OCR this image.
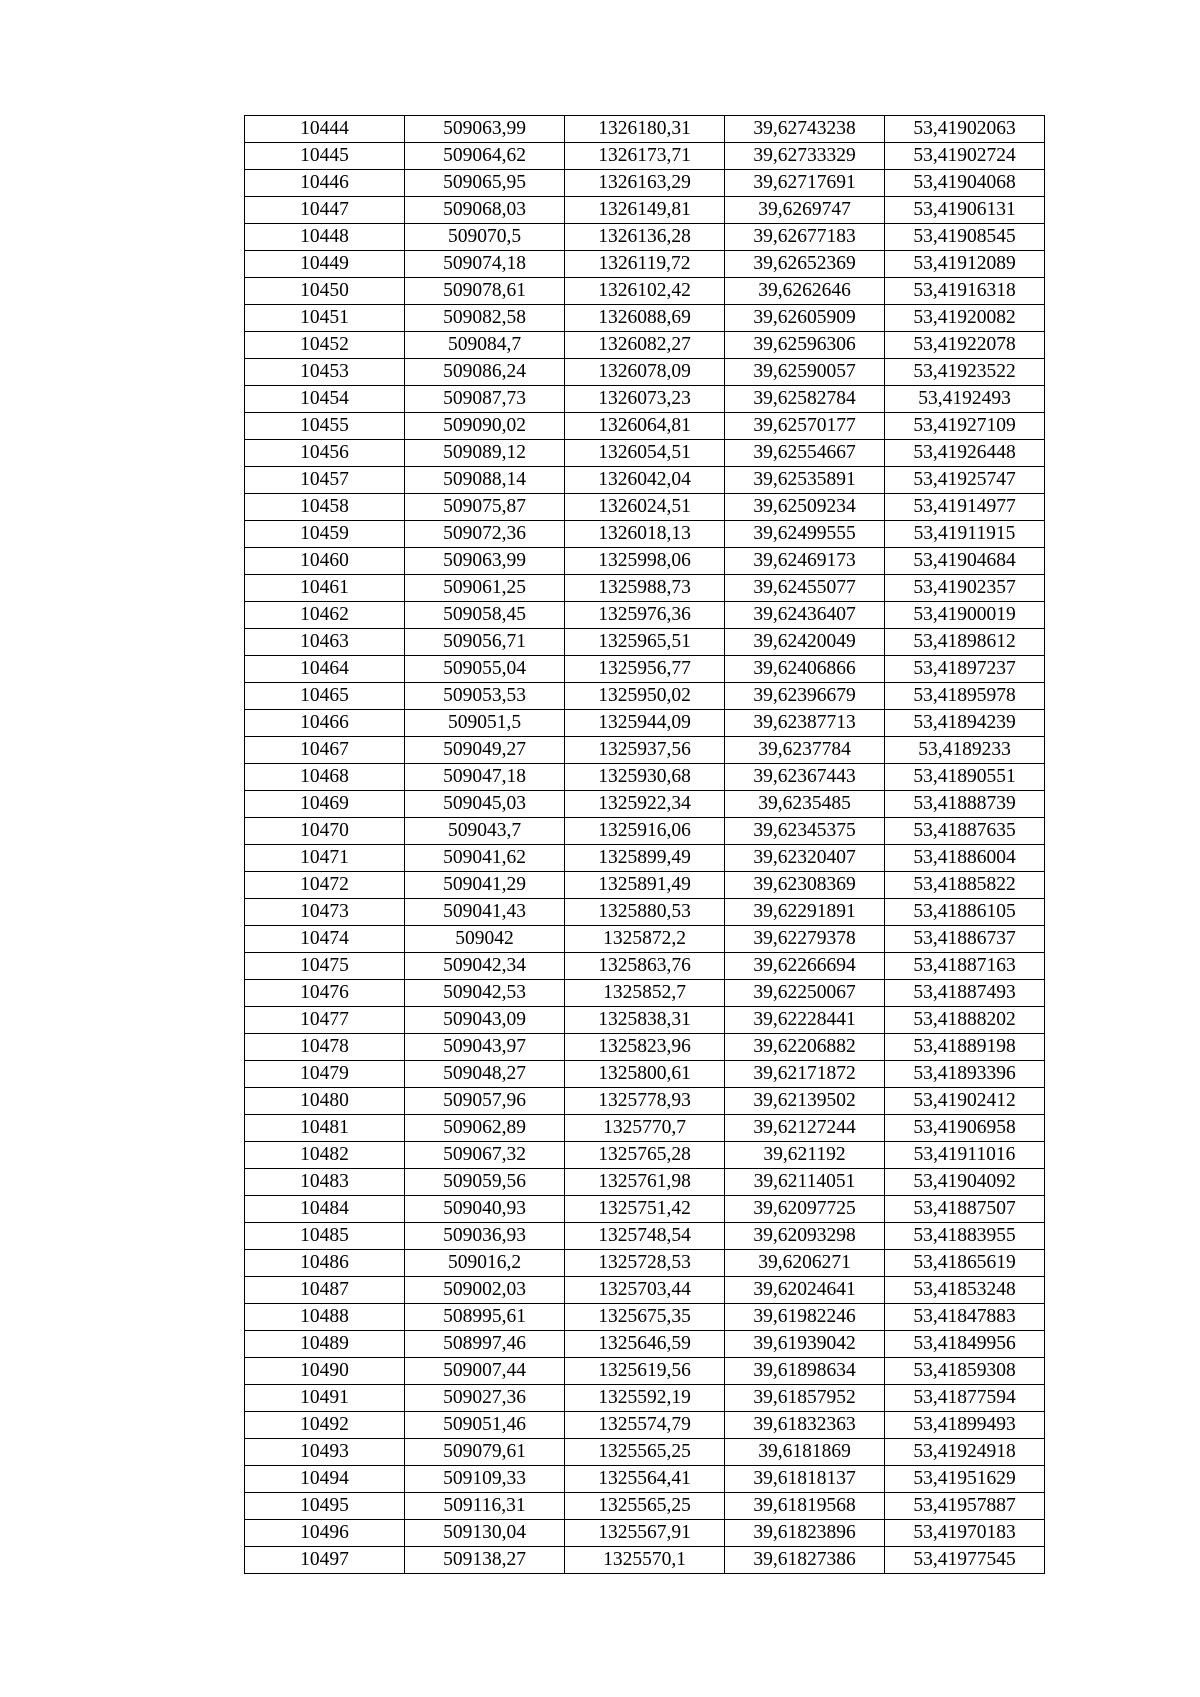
10444	509063,99	1326180,31	39,62743238	53,41902063
10445	509064,62	1326173,71	39,62733329	53,41902724
10446	509065,95	1326163,29	39,62717691	53,41904068
10447	509068,03	1326149,81	39,6269747	53,41906131
10448	509070,5	1326136,28	39,62677183	53,41908545
10449	509074,18	1326119,72	39,62652369	53,41912089
10450	509078,61	1326102,42	39,6262646	53,41916318
10451	509082,58	1326088,69	39,62605909	53,41920082
10452	509084,7	1326082,27	39,62596306	53,41922078
10453	509086,24	1326078,09	39,62590057	53,41923522
10454	509087,73	1326073,23	39,62582784	53,4192493
10455	509090,02	1326064,81	39,62570177	53,41927109
10456	509089,12	1326054,51	39,62554667	53,41926448
10457	509088,14	1326042,04	39,62535891	53,41925747
10458	509075,87	1326024,51	39,62509234	53,41914977
10459	509072,36	1326018,13	39,62499555	53,41911915
10460	509063,99	1325998,06	39,62469173	53,41904684
10461	509061,25	1325988,73	39,62455077	53,41902357
10462	509058,45	1325976,36	39,62436407	53,41900019
10463	509056,71	1325965,51	39,62420049	53,41898612
10464	509055,04	1325956,77	39,62406866	53,41897237
10465	509053,53	1325950,02	39,62396679	53,41895978
10466	509051,5	1325944,09	39,62387713	53,41894239
10467	509049,27	1325937,56	39,6237784	53,4189233
10468	509047,18	1325930,68	39,62367443	53,41890551
10469	509045,03	1325922,34	39,6235485	53,41888739
10470	509043,7	1325916,06	39,62345375	53,41887635
10471	509041,62	1325899,49	39,62320407	53,41886004
10472	509041,29	1325891,49	39,62308369	53,41885822
10473	509041,43	1325880,53	39,62291891	53,41886105
10474	509042	1325872,2	39,62279378	53,41886737
10475	509042,34	1325863,76	39,62266694	53,41887163
10476	509042,53	1325852,7	39,62250067	53,41887493
10477	509043,09	1325838,31	39,62228441	53,41888202
10478	509043,97	1325823,96	39,62206882	53,41889198
10479	509048,27	1325800,61	39,62171872	53,41893396
10480	509057,96	1325778,93	39,62139502	53,41902412
10481	509062,89	1325770,7	39,62127244	53,41906958
10482	509067,32	1325765,28	39,621192	53,41911016
10483	509059,56	1325761,98	39,62114051	53,41904092
10484	509040,93	1325751,42	39,62097725	53,41887507
10485	509036,93	1325748,54	39,62093298	53,41883955
10486	509016,2	1325728,53	39,6206271	53,41865619
10487	509002,03	1325703,44	39,62024641	53,41853248
10488	508995,61	1325675,35	39,61982246	53,41847883
10489	508997,46	1325646,59	39,61939042	53,41849956
10490	509007,44	1325619,56	39,61898634	53,41859308
10491	509027,36	1325592,19	39,61857952	53,41877594
10492	509051,46	1325574,79	39,61832363	53,41899493
10493	509079,61	1325565,25	39,6181869	53,41924918
10494	509109,33	1325564,41	39,61818137	53,41951629
10495	509116,31	1325565,25	39,61819568	53,41957887
10496	509130,04	1325567,91	39,61823896	53,41970183
10497	509138,27	1325570,1	39,61827386	53,41977545
